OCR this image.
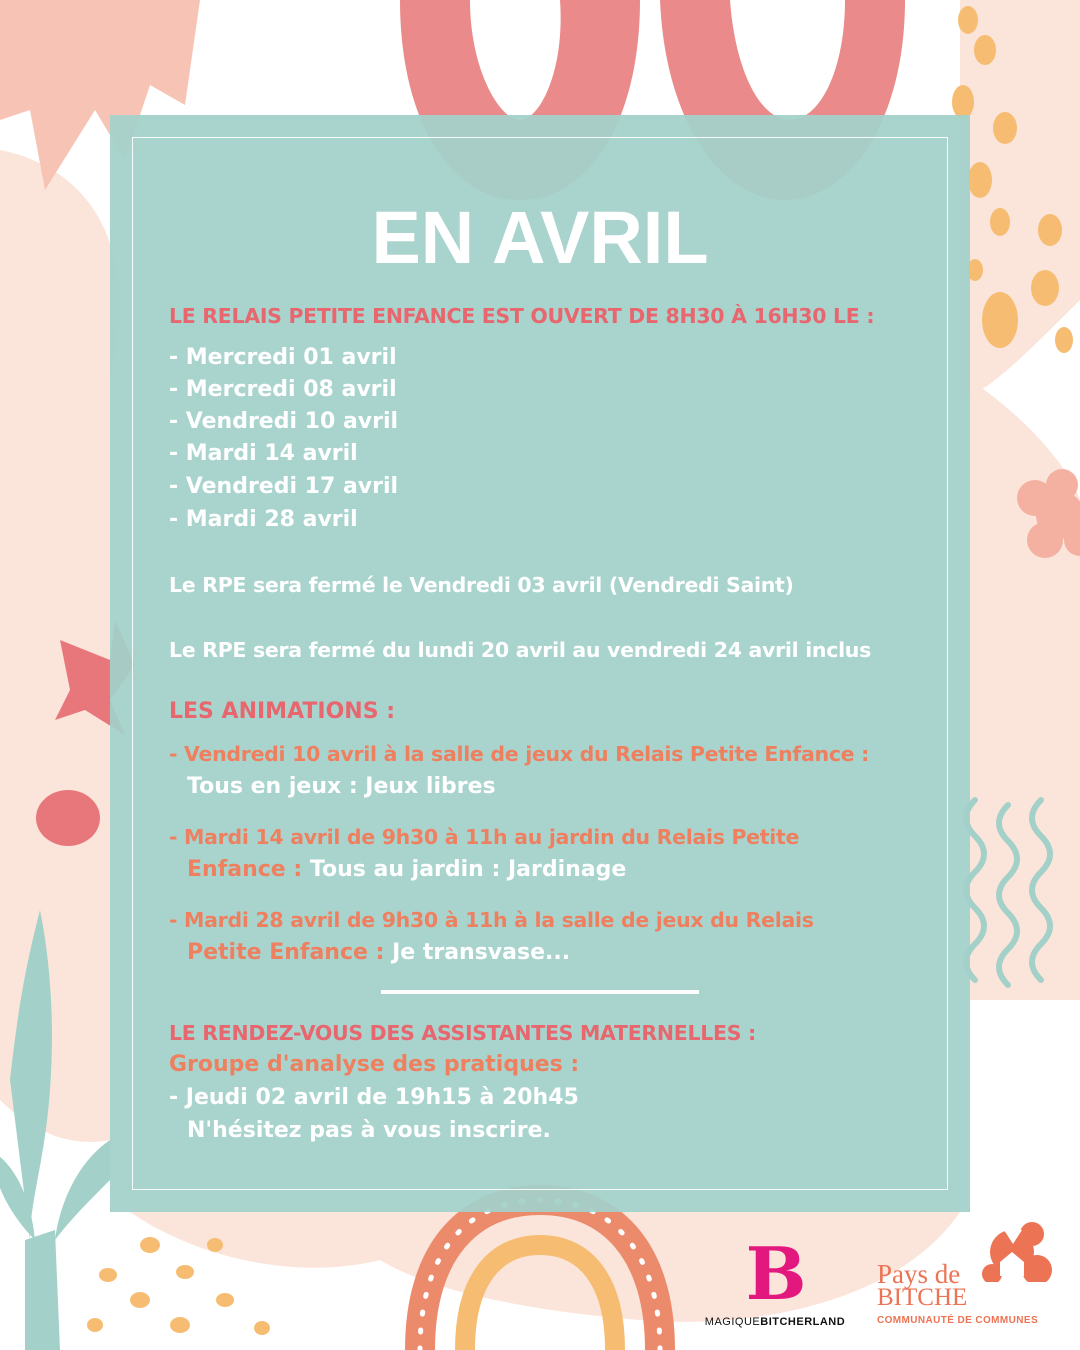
EN AVRIL
LE RELAIS PETITE ENFANCE EST OUVERT DE 8H30 À 16H30 LE :
- Mercredi 01 avril
- Mercredi 08 avril
- Vendredi 10 avril
- Mardi 14 avril
- Vendredi 17 avril
- Mardi 28 avril
Le RPE sera fermé le Vendredi 03 avril (Vendredi Saint)
Le RPE sera fermé du lundi 20 avril au vendredi 24 avril inclus
LES ANIMATIONS :
- Vendredi 10 avril à la salle de jeux du Relais Petite Enfance :
Tous en jeux : Jeux libres
- Mardi 14 avril de 9h30 à 11h au jardin du Relais Petite
Enfance : Tous au jardin : Jardinage
- Mardi 28 avril de 9h30 à 11h à la salle de jeux du Relais
Petite Enfance : Je transvase...
LE RENDEZ-VOUS DES ASSISTANTES MATERNELLES :
Groupe d'analyse des pratiques :
- Jeudi 02 avril de 19h15 à 20h45
N'hésitez pas à vous inscrire.
B
MAGIQUEBITCHERLAND
Pays de
BITCHE
COMMUNAUTÉ DE COMMUNES
